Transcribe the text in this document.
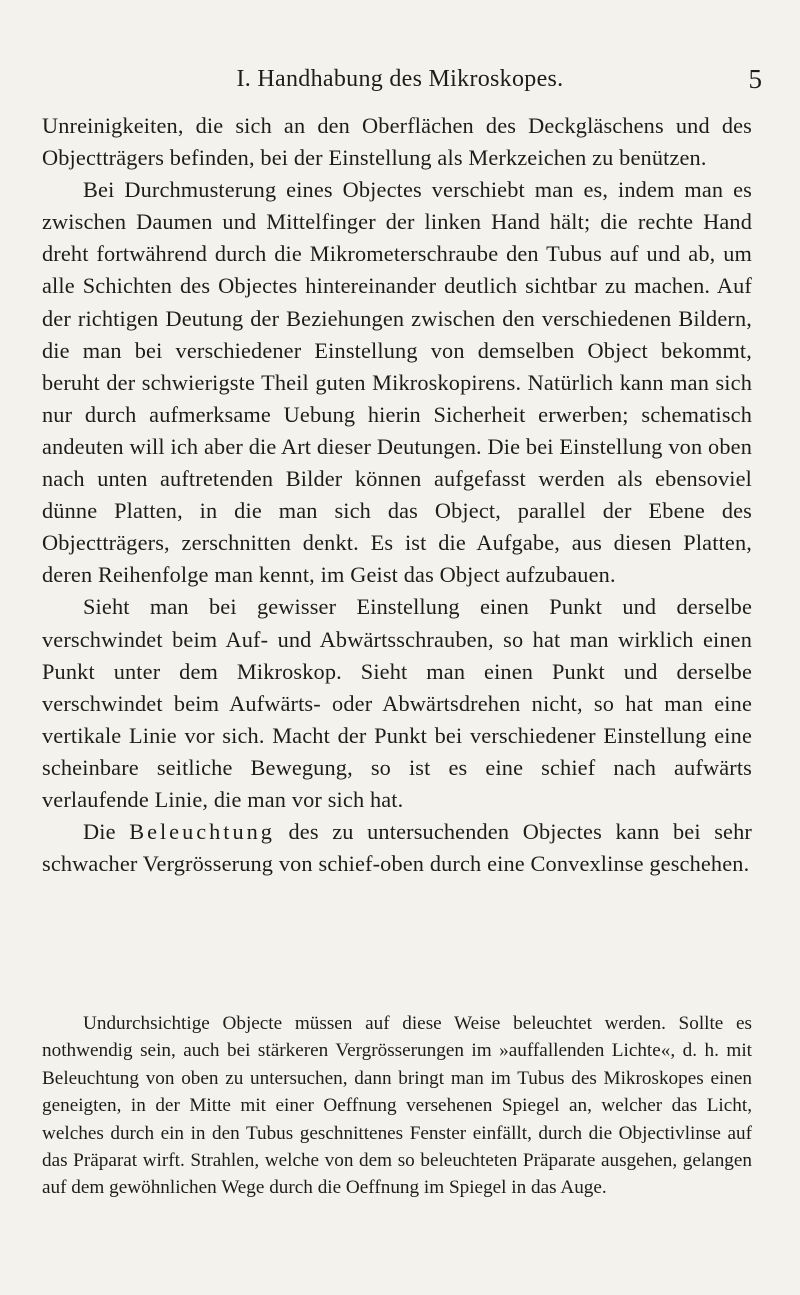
I. Handhabung des Mikroskopes.	5

Unreinigkeiten, die sich an den Oberflächen des Deckgläschens und des Objectträgers befinden, bei der Einstellung als Merkzeichen zu benützen.

Bei Durchmusterung eines Objectes verschiebt man es, indem man es zwischen Daumen und Mittelfinger der linken Hand hält; die rechte Hand dreht fortwährend durch die Mikrometerschraube den Tubus auf und ab, um alle Schichten des Objectes hintereinander deutlich sichtbar zu machen. Auf der richtigen Deutung der Beziehungen zwischen den verschiedenen Bildern, die man bei verschiedener Einstellung von demselben Object bekommt, beruht der schwierigste Theil guten Mikroskopirens. Natürlich kann man sich nur durch aufmerksame Uebung hierin Sicherheit erwerben; schematisch andeuten will ich aber die Art dieser Deutungen. Die bei Einstellung von oben nach unten auftretenden Bilder können aufgefasst werden als ebensoviel dünne Platten, in die man sich das Object, parallel der Ebene des Objectträgers, zerschnitten denkt. Es ist die Aufgabe, aus diesen Platten, deren Reihenfolge man kennt, im Geist das Object aufzubauen.

Sieht man bei gewisser Einstellung einen Punkt und derselbe verschwindet beim Auf- und Abwärtsschrauben, so hat man wirklich einen Punkt unter dem Mikroskop. Sieht man einen Punkt und derselbe verschwindet beim Aufwärts- oder Abwärtsdrehen nicht, so hat man eine vertikale Linie vor sich. Macht der Punkt bei verschiedener Einstellung eine scheinbare seitliche Bewegung, so ist es eine schief nach aufwärts verlaufende Linie, die man vor sich hat.

Die Beleuchtung des zu untersuchenden Objectes kann bei sehr schwacher Vergrösserung von schief-oben durch eine Convexlinse geschehen.

Undurchsichtige Objecte müssen auf diese Weise beleuchtet werden. Sollte es nothwendig sein, auch bei stärkeren Vergrösserungen im »auffallenden Lichte«, d. h. mit Beleuchtung von oben zu untersuchen, dann bringt man im Tubus des Mikroskopes einen geneigten, in der Mitte mit einer Oeffnung versehenen Spiegel an, welcher das Licht, welches durch ein in den Tubus geschnittenes Fenster einfällt, durch die Objectivlinse auf das Präparat wirft. Strahlen, welche von dem so beleuchteten Präparate ausgehen, gelangen auf dem gewöhnlichen Wege durch die Oeffnung im Spiegel in das Auge.
